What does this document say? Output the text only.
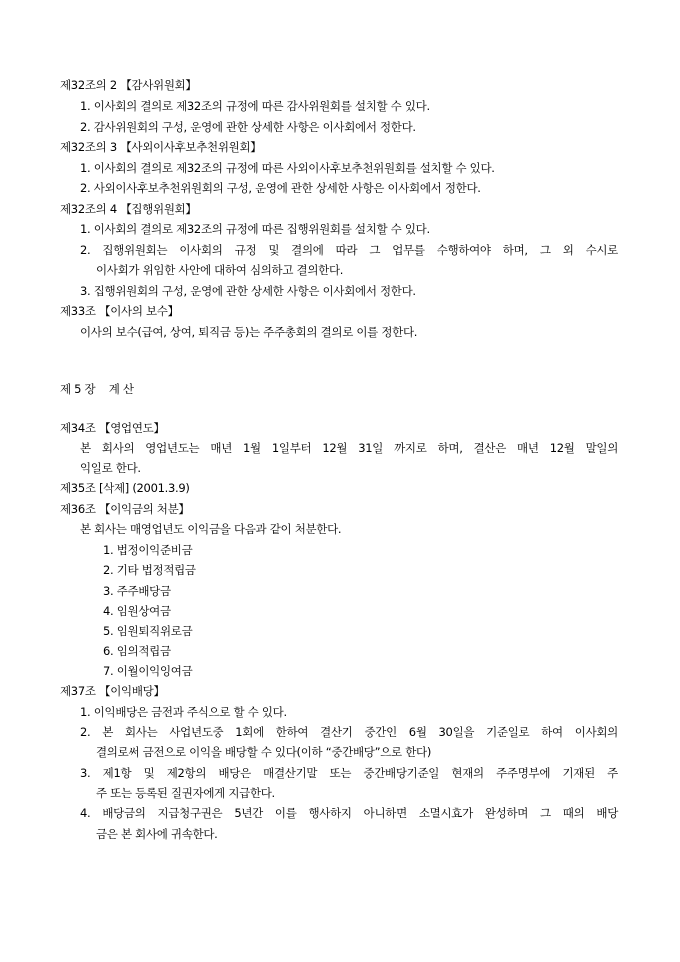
제32조의 2 【감사위원회】
1. 이사회의 결의로 제32조의 규정에 따른 감사위원회를 설치할 수 있다.
2. 감사위원회의 구성, 운영에 관한 상세한 사항은 이사회에서 정한다.
제32조의 3 【사외이사후보추천위원회】
1. 이사회의 결의로 제32조의 규정에 따른 사외이사후보추천위원회를 설치할 수 있다.
2. 사외이사후보추천위원회의 구성, 운영에 관한 상세한 사항은 이사회에서 정한다.
제32조의 4 【집행위원회】
1. 이사회의 결의로 제32조의 규정에 따른 집행위원회를 설치할 수 있다.
2. 집행위원회는 이사회의 규정 및 결의에 따라 그 업무를 수행하여야 하며, 그 외 수시로
이사회가 위임한 사안에 대하여 심의하고 결의한다.
3. 집행위원회의 구성, 운영에 관한 상세한 사항은 이사회에서 정한다.
제33조 【이사의 보수】
이사의 보수(급여, 상여, 퇴직금 등)는 주주총회의 결의로 이를 정한다.
제 5 장    계 산
제34조 【영업연도】
본 회사의 영업년도는 매년 1월 1일부터 12월 31일 까지로 하며, 결산은 매년 12월 말일의
익일로 한다.
제35조 [삭제] (2001.3.9)
제36조 【이익금의 처분】
본 회사는 매영업년도 이익금을 다음과 같이 처분한다.
1. 법정이익준비금
2. 기타 법정적립금
3. 주주배당금
4. 임원상여금
5. 임원퇴직위로금
6. 임의적립금
7. 이월이익잉여금
제37조 【이익배당】
1. 이익배당은 금전과 주식으로 할 수 있다.
2. 본 회사는 사업년도중 1회에 한하여 결산기 중간인 6월 30일을 기준일로 하여 이사회의
결의로써 금전으로 이익을 배당할 수 있다(이하 “중간배당”으로 한다)
3. 제1항 및 제2항의 배당은 매결산기말 또는 중간배당기준일 현재의 주주명부에 기재된 주
주 또는 등록된 질권자에게 지급한다.
4. 배당금의 지급청구권은 5년간 이를 행사하지 아니하면 소멸시효가 완성하며 그 때의 배당
금은 본 회사에 귀속한다.
